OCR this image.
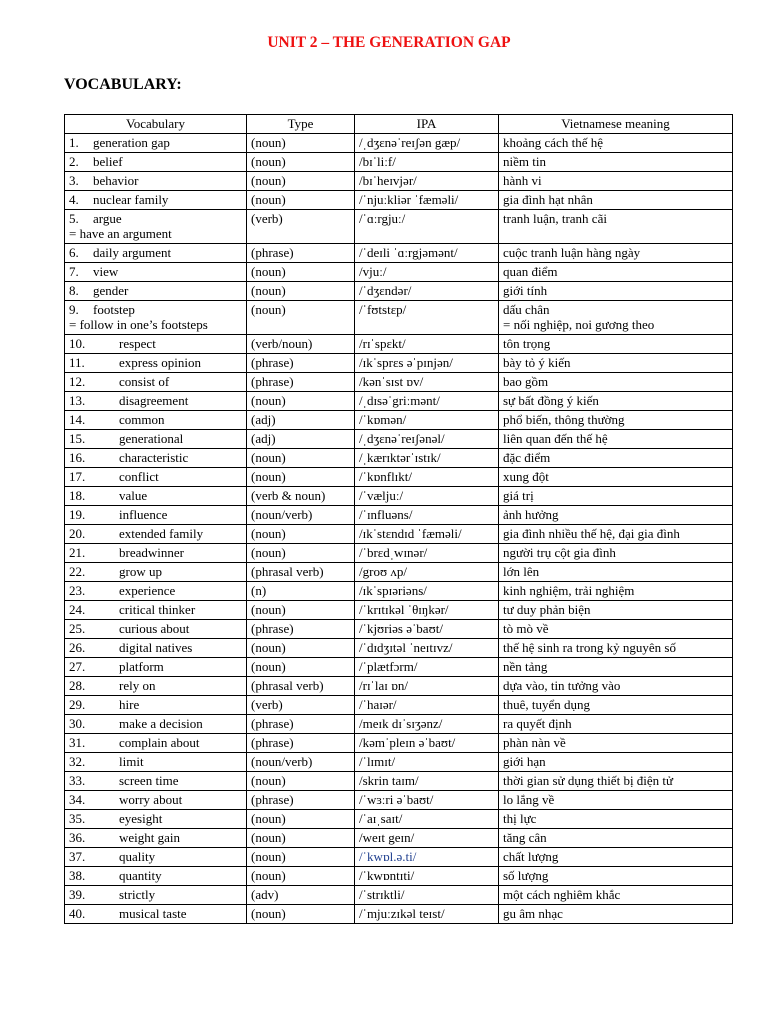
UNIT 2 – THE GENERATION GAP
VOCABULARY:
Vocabulary	Type	IPA	Vietnamese meaning
1. generation gap	(noun)	/ˌdʒɛnəˈreɪʃən gæp/	khoảng cách thế hệ
2. belief	(noun)	/bɪˈliːf/	niềm tin
3. behavior	(noun)	/bɪˈheɪvjər/	hành vi
4. nuclear family	(noun)	/ˈnjuːkliər ˈfæməli/	gia đình hạt nhân
5. argue
= have an argument	(verb)	/ˈɑːrgjuː/	tranh luận, tranh cãi
6. daily argument	(phrase)	/ˈdeɪli ˈɑːrgjəmənt/	cuộc tranh luận hàng ngày
7. view	(noun)	/vjuː/	quan điểm
8. gender	(noun)	/ˈdʒɛndər/	giới tính
9. footstep
= follow in one’s footsteps	(noun)	/ˈfʊtstɛp/	dấu chân
= nối nghiệp, noi gương theo

10. respect	(verb/noun)	/rɪˈspɛkt/	tôn trọng
11. express opinion	(phrase)	/ɪkˈsprɛs əˈpɪnjən/	bày tỏ ý kiến
12. consist of	(phrase)	/kənˈsɪst ɒv/	bao gồm
13. disagreement	(noun)	/ˌdɪsəˈgriːmənt/	sự bất đồng ý kiến
14. common	(adj)	/ˈkɒmən/	phổ biến, thông thường
15. generational	(adj)	/ˌdʒɛnəˈreɪʃənəl/	liên quan đến thế hệ
16. characteristic	(noun)	/ˌkærɪktərˈɪstɪk/	đặc điểm
17. conflict	(noun)	/ˈkɒnflɪkt/	xung đột
18. value	(verb & noun)	/ˈvæljuː/	giá trị
19. influence	(noun/verb)	/ˈɪnfluəns/	ảnh hưởng
20. extended family	(noun)	/ɪkˈstɛndɪd ˈfæməli/	gia đình nhiều thế hệ, đại gia đình
21. breadwinner	(noun)	/ˈbrɛdˌwɪnər/	người trụ cột gia đình
22. grow up	(phrasal verb)	/groʊ ʌp/	lớn lên
23. experience	(n)	/ɪkˈspɪəriəns/	kinh nghiệm, trải nghiệm
24. critical thinker	(noun)	/ˈkrɪtɪkəl ˈθɪŋkər/	tư duy phản biện
25. curious about	(phrase)	/ˈkjʊriəs əˈbaʊt/	tò mò về
26. digital natives	(noun)	/ˈdɪdʒɪtəl ˈneɪtɪvz/	thế hệ sinh ra trong kỷ nguyên số
27. platform	(noun)	/ˈplætfɔrm/	nền tảng
28. rely on	(phrasal verb)	/rɪˈlaɪ ɒn/	dựa vào, tin tưởng vào
29. hire	(verb)	/ˈhaɪər/	thuê, tuyển dụng
30. make a decision	(phrase)	/meɪk dɪˈsɪʒənz/	ra quyết định
31. complain about	(phrase)	/kəmˈpleɪn əˈbaʊt/	phàn nàn về
32. limit	(noun/verb)	/ˈlɪmɪt/	giới hạn
33. screen time	(noun)	/skrin taɪm/	thời gian sử dụng thiết bị điện tử
34. worry about	(phrase)	/ˈwɜːri əˈbaʊt/	lo lắng về
35. eyesight	(noun)	/ˈaɪˌsaɪt/	thị lực
36. weight gain	(noun)	/weɪt geɪn/	tăng cân
37. quality	(noun)	/ˈkwɒl.ə.ti/	chất lượng
38. quantity	(noun)	/ˈkwɒntɪti/	số lượng
39. strictly	(adv)	/ˈstrɪktli/	một cách nghiêm khắc
40. musical taste	(noun)	/ˈmjuːzɪkəl teɪst/	gu âm nhạc
